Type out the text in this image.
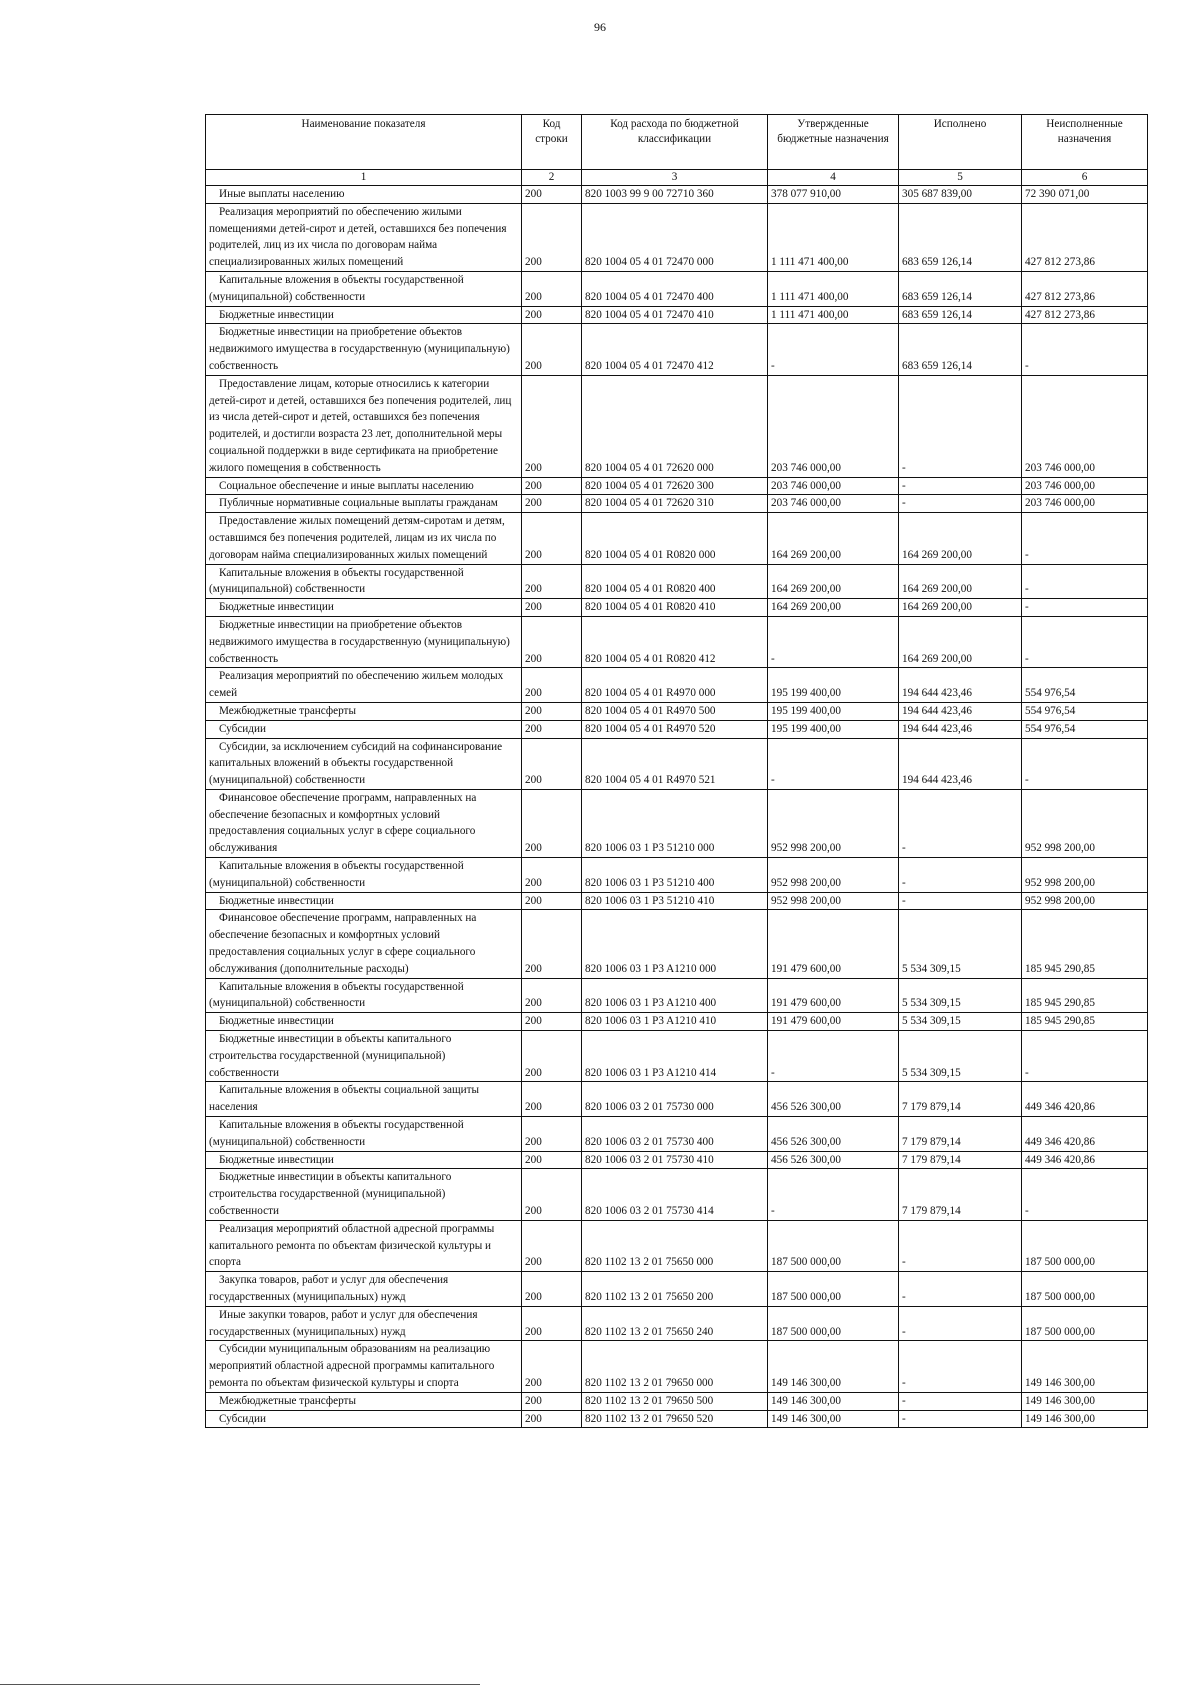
96
Наименование показателя	Код строки	Код расхода по бюджетной классификации	Утвержденные бюджетные назначения	Исполнено	Неисполненные назначения
1	2	3	4	5	6

Иные выплаты населению	200	820 1003 99 9 00 72710 360	378 077 910,00	305 687 839,00	72 390 071,00

Реализация мероприятий по обеспечению жилыми помещениями детей-сирот и детей, оставшихся без попечения родителей, лиц из их числа по договорам найма специализированных жилых помещений	200	820 1004 05 4 01 72470 000	1 111 471 400,00	683 659 126,14	427 812 273,86

Капитальные вложения в объекты государственной (муниципальной) собственности	200	820 1004 05 4 01 72470 400	1 111 471 400,00	683 659 126,14	427 812 273,86

Бюджетные инвестиции	200	820 1004 05 4 01 72470 410	1 111 471 400,00	683 659 126,14	427 812 273,86

Бюджетные инвестиции на приобретение объектов недвижимого имущества в государственную (муниципальную) собственность	200	820 1004 05 4 01 72470 412	-	683 659 126,14	-

Предоставление лицам, которые относились к категории детей-сирот и детей, оставшихся без попечения родителей, лиц из числа детей-сирот и детей, оставшихся без попечения родителей, и достигли возраста 23 лет, дополнительной меры социальной поддержки в виде сертификата на приобретение жилого помещения в собственность	200	820 1004 05 4 01 72620 000	203 746 000,00	-	203 746 000,00

Социальное обеспечение и иные выплаты населению	200	820 1004 05 4 01 72620 300	203 746 000,00	-	203 746 000,00

Публичные нормативные социальные выплаты гражданам	200	820 1004 05 4 01 72620 310	203 746 000,00	-	203 746 000,00

Предоставление жилых помещений детям-сиротам и детям, оставшимся без попечения родителей, лицам из их числа по договорам найма специализированных жилых помещений	200	820 1004 05 4 01 R0820 000	164 269 200,00	164 269 200,00	-

Капитальные вложения в объекты государственной (муниципальной) собственности	200	820 1004 05 4 01 R0820 400	164 269 200,00	164 269 200,00	-

Бюджетные инвестиции	200	820 1004 05 4 01 R0820 410	164 269 200,00	164 269 200,00	-

Бюджетные инвестиции на приобретение объектов недвижимого имущества в государственную (муниципальную) собственность	200	820 1004 05 4 01 R0820 412	-	164 269 200,00	-

Реализация мероприятий по обеспечению жильем молодых семей	200	820 1004 05 4 01 R4970 000	195 199 400,00	194 644 423,46	554 976,54

Межбюджетные трансферты	200	820 1004 05 4 01 R4970 500	195 199 400,00	194 644 423,46	554 976,54

Субсидии	200	820 1004 05 4 01 R4970 520	195 199 400,00	194 644 423,46	554 976,54

Субсидии, за исключением субсидий на софинансирование капитальных вложений в объекты государственной (муниципальной) собственности	200	820 1004 05 4 01 R4970 521	-	194 644 423,46	-

Финансовое обеспечение программ, направленных на обеспечение безопасных и комфортных условий предоставления социальных услуг в сфере социального обслуживания	200	820 1006 03 1 P3 51210 000	952 998 200,00	-	952 998 200,00

Капитальные вложения в объекты государственной (муниципальной) собственности	200	820 1006 03 1 P3 51210 400	952 998 200,00	-	952 998 200,00

Бюджетные инвестиции	200	820 1006 03 1 P3 51210 410	952 998 200,00	-	952 998 200,00

Финансовое обеспечение программ, направленных на обеспечение безопасных и комфортных условий предоставления социальных услуг в сфере социального обслуживания (дополнительные расходы)	200	820 1006 03 1 P3 A1210 000	191 479 600,00	5 534 309,15	185 945 290,85

Капитальные вложения в объекты государственной (муниципальной) собственности	200	820 1006 03 1 P3 A1210 400	191 479 600,00	5 534 309,15	185 945 290,85

Бюджетные инвестиции	200	820 1006 03 1 P3 A1210 410	191 479 600,00	5 534 309,15	185 945 290,85

Бюджетные инвестиции в объекты капитального строительства государственной (муниципальной) собственности	200	820 1006 03 1 P3 A1210 414	-	5 534 309,15	-

Капитальные вложения в объекты социальной защиты населения	200	820 1006 03 2 01 75730 000	456 526 300,00	7 179 879,14	449 346 420,86

Капитальные вложения в объекты государственной (муниципальной) собственности	200	820 1006 03 2 01 75730 400	456 526 300,00	7 179 879,14	449 346 420,86

Бюджетные инвестиции	200	820 1006 03 2 01 75730 410	456 526 300,00	7 179 879,14	449 346 420,86

Бюджетные инвестиции в объекты капитального строительства государственной (муниципальной) собственности	200	820 1006 03 2 01 75730 414	-	7 179 879,14	-

Реализация мероприятий областной адресной программы капитального ремонта по объектам физической культуры и спорта	200	820 1102 13 2 01 75650 000	187 500 000,00	-	187 500 000,00

Закупка товаров, работ и услуг для обеспечения государственных (муниципальных) нужд	200	820 1102 13 2 01 75650 200	187 500 000,00	-	187 500 000,00

Иные закупки товаров, работ и услуг для обеспечения государственных (муниципальных) нужд	200	820 1102 13 2 01 75650 240	187 500 000,00	-	187 500 000,00

Субсидии муниципальным образованиям на реализацию мероприятий областной адресной программы капитального ремонта по объектам физической культуры и спорта	200	820 1102 13 2 01 79650 000	149 146 300,00	-	149 146 300,00

Межбюджетные трансферты	200	820 1102 13 2 01 79650 500	149 146 300,00	-	149 146 300,00

Субсидии	200	820 1102 13 2 01 79650 520	149 146 300,00	-	149 146 300,00
